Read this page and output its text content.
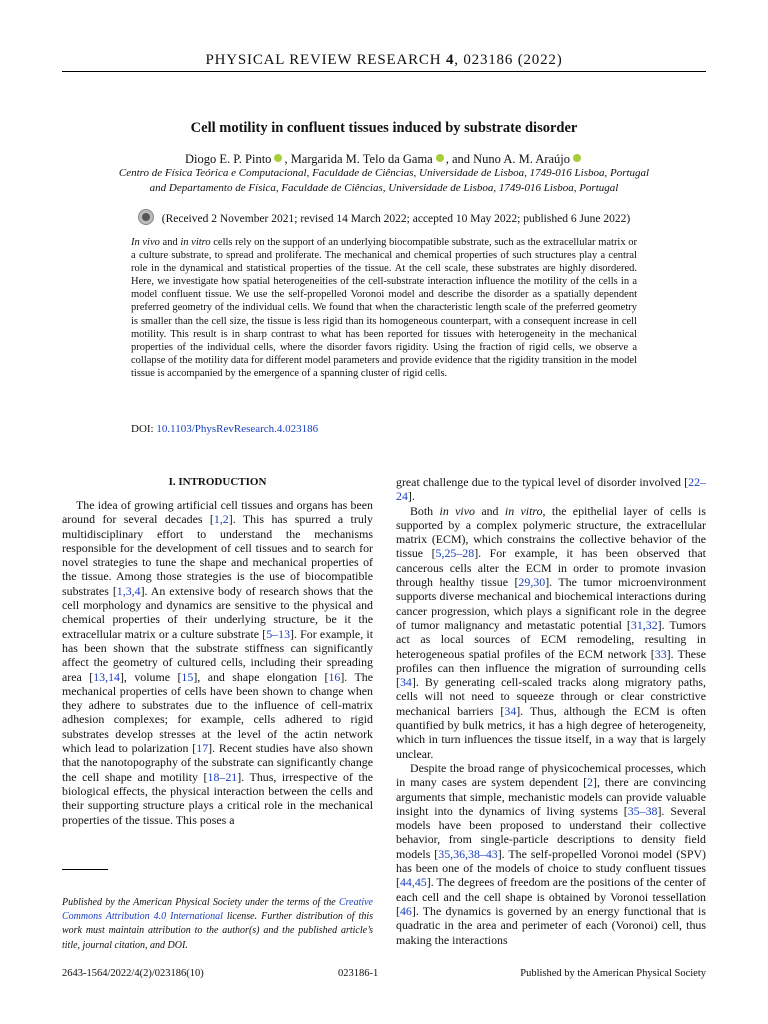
PHYSICAL REVIEW RESEARCH 4, 023186 (2022)
Cell motility in confluent tissues induced by substrate disorder
Diogo E. P. Pinto , Margarida M. Telo da Gama , and Nuno A. M. Araújo
Centro de Física Teórica e Computacional, Faculdade de Ciências, Universidade de Lisboa, 1749-016 Lisboa, Portugal
and Departamento de Física, Faculdade de Ciências, Universidade de Lisboa, 1749-016 Lisboa, Portugal
(Received 2 November 2021; revised 14 March 2022; accepted 10 May 2022; published 6 June 2022)
In vivo and in vitro cells rely on the support of an underlying biocompatible substrate, such as the extracellular matrix or a culture substrate, to spread and proliferate. The mechanical and chemical properties of such structures play a central role in the dynamical and statistical properties of the tissue. At the cell scale, these substrates are highly disordered. Here, we investigate how spatial heterogeneities of the cell-substrate interaction influence the motility of the cells in a model confluent tissue. We use the self-propelled Voronoi model and describe the disorder as a spatially dependent preferred geometry of the individual cells. We found that when the characteristic length scale of the preferred geometry is smaller than the cell size, the tissue is less rigid than its homogeneous counterpart, with a consequent increase in cell motility. This result is in sharp contrast to what has been reported for tissues with heterogeneity in the mechanical properties of the individual cells, where the disorder favors rigidity. Using the fraction of rigid cells, we observe a collapse of the motility data for different model parameters and provide evidence that the rigidity transition in the model tissue is accompanied by the emergence of a spanning cluster of rigid cells.
DOI: 10.1103/PhysRevResearch.4.023186
I. INTRODUCTION

The idea of growing artificial cell tissues and organs has been around for several decades [1,2]. This has spurred a truly multidisciplinary effort to understand the mechanisms responsible for the development of cell tissues and to search for novel strategies to tune the shape and mechanical properties of the tissue. Among those strategies is the use of biocompatible substrates [1,3,4]. An extensive body of research shows that the cell morphology and dynamics are sensitive to the physical and chemical properties of their underlying structure, be it the extracellular matrix or a culture substrate [5–13]. For example, it has been shown that the substrate stiffness can significantly affect the geometry of cultured cells, including their spreading area [13,14], volume [15], and shape elongation [16]. The mechanical properties of cells have been shown to change when they adhere to substrates due to the influence of cell-matrix adhesion complexes; for example, cells adhered to rigid substrates develop stresses at the level of the actin network which lead to polarization [17]. Recent studies have also shown that the nanotopography of the substrate can significantly change the cell shape and motility [18–21]. Thus, irrespective of the biological effects, the physical interaction between the cells and their supporting structure plays a critical role in the mechanical properties of the tissue. This poses a

great challenge due to the typical level of disorder involved [22–24].

Both in vivo and in vitro, the epithelial layer of cells is supported by a complex polymeric structure, the extracellular matrix (ECM), which constrains the collective behavior of the tissue [5,25–28]. For example, it has been observed that cancerous cells alter the ECM in order to promote invasion through healthy tissue [29,30]. The tumor microenvironment supports diverse mechanical and biochemical interactions during cancer progression, which plays a significant role in the degree of tumor malignancy and metastatic potential [31,32]. Tumors act as local sources of ECM remodeling, resulting in heterogeneous spatial profiles of the ECM network [33]. These profiles can then influence the migration of surrounding cells [34]. By generating cell-scaled tracks along migratory paths, cells will not need to squeeze through or clear constrictive mechanical barriers [34]. Thus, although the ECM is often quantified by bulk metrics, it has a high degree of heterogeneity, which in turn influences the tissue itself, in a way that is largely unclear.

Despite the broad range of physicochemical processes, which in many cases are system dependent [2], there are convincing arguments that simple, mechanistic models can provide valuable insight into the dynamics of living systems [35–38]. Several models have been proposed to understand their collective behavior, from single-particle descriptions to density field models [35,36,38–43]. The self-propelled Voronoi model (SPV) has been one of the models of choice to study confluent tissues [44,45]. The degrees of freedom are the positions of the center of each cell and the cell shape is obtained by Voronoi tessellation [46]. The dynamics is governed by an energy functional that is quadratic in the area and perimeter of each (Voronoi) cell, thus making the interactions

Published by the American Physical Society under the terms of the Creative Commons Attribution 4.0 International license. Further distribution of this work must maintain attribution to the author(s) and the published article’s title, journal citation, and DOI.
2643-1564/2022/4(2)/023186(10)	023186-1	Published by the American Physical Society
